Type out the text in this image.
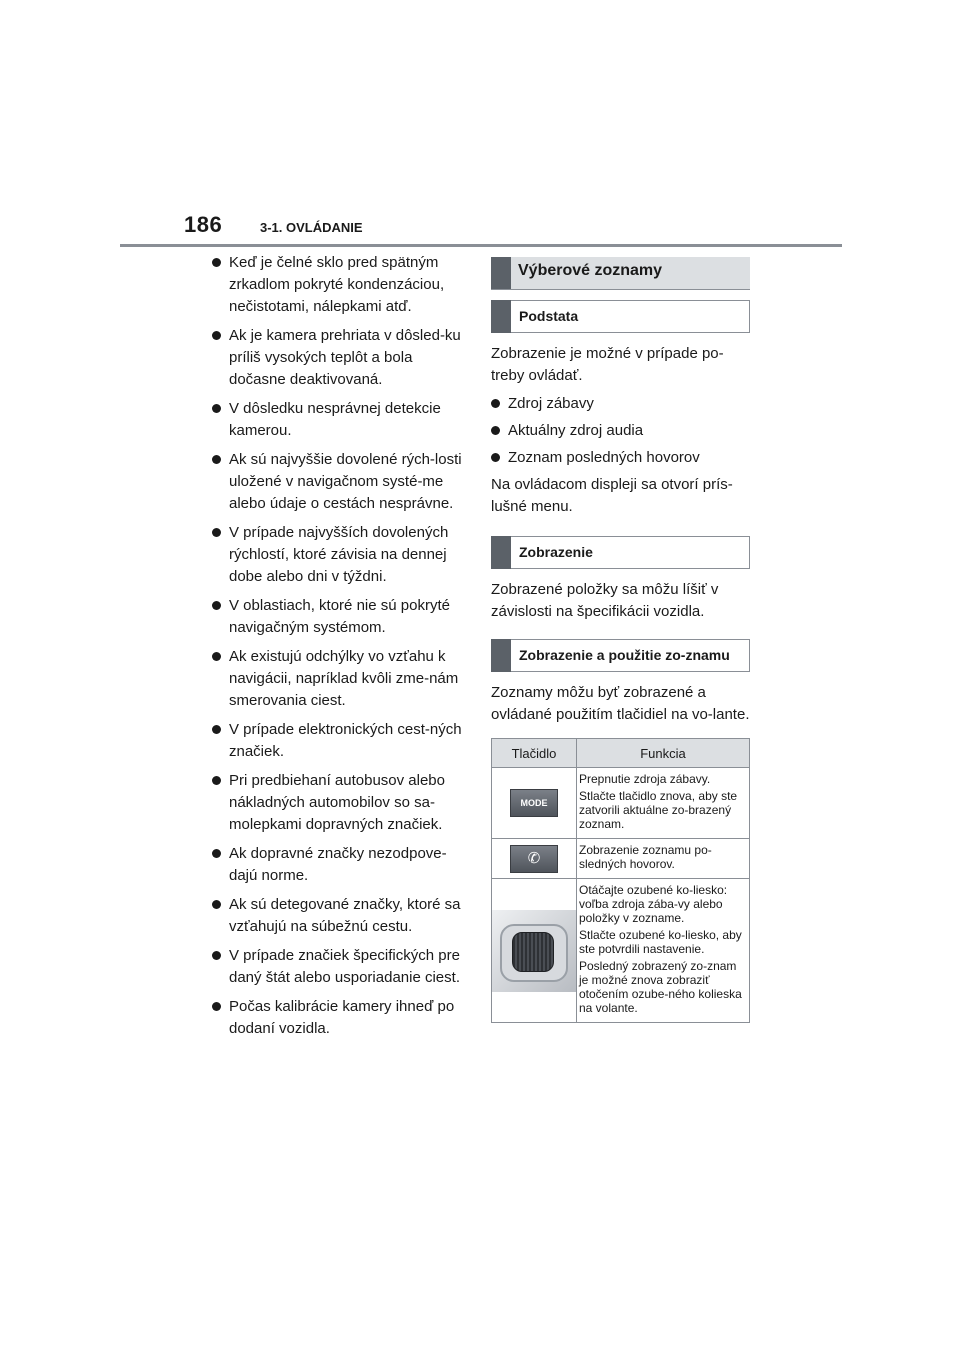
186	3-1. OVLÁDANIE
Keď je čelné sklo pred spätným zrkadlom pokryté kondenzáciou, nečistotami, nálepkami atď.
Ak je kamera prehriata v dôsled-ku príliš vysokých teplôt a bola dočasne deaktivovaná.
V dôsledku nesprávnej detekcie kamerou.
Ak sú najvyššie dovolené rých-losti uložené v navigačnom systé-me alebo údaje o cestách nesprávne.
V prípade najvyšších dovolených rýchlostí, ktoré závisia na dennej dobe alebo dni v týždni.
V oblastiach, ktoré nie sú pokryté navigačným systémom.
Ak existujú odchýlky vo vzťahu k navigácii, napríklad kvôli zme-nám smerovania ciest.
V prípade elektronických cest-ných značiek.
Pri predbiehaní autobusov alebo nákladných automobilov so sa-molepkami dopravných značiek.
Ak dopravné značky nezodpove-dajú norme.
Ak sú detegované značky, ktoré sa vzťahujú na súbežnú cestu.
V prípade značiek špecifických pre daný štát alebo usporiadanie ciest.
Počas kalibrácie kamery ihneď po dodaní vozidla.
Výberové zoznamy
Podstata

Zobrazenie je možné v prípade po-treby ovládať.

Zdroj zábavy
Aktuálny zdroj audia
Zoznam posledných hovorov

Na ovládacom displeji sa otvorí prís-lušné menu.

Zobrazenie

Zobrazené položky sa môžu líšiť v závislosti na špecifikácii vozidla.

Zobrazenie a použitie zo-znamu

Zoznamy môžu byť zobrazené a ovládané použitím tlačidiel na vo-lante.

Tlačidlo	Funkcia
MODE	Prepnutie zdroja zábavy.

Stlačte tlačidlo znova, aby ste zatvorili aktuálne zo-brazený zoznam.

✆	Zobrazenie zoznamu po-sledných hovorov.

	Otáčajte ozubené ko-liesko: voľba zdroja zába-vy alebo položky v zozname.

Stlačte ozubené ko-liesko, aby ste potvrdili nastavenie.

Posledný zobrazený zo-znam je možné znova zobraziť otočením ozube-ného kolieska na volante.
